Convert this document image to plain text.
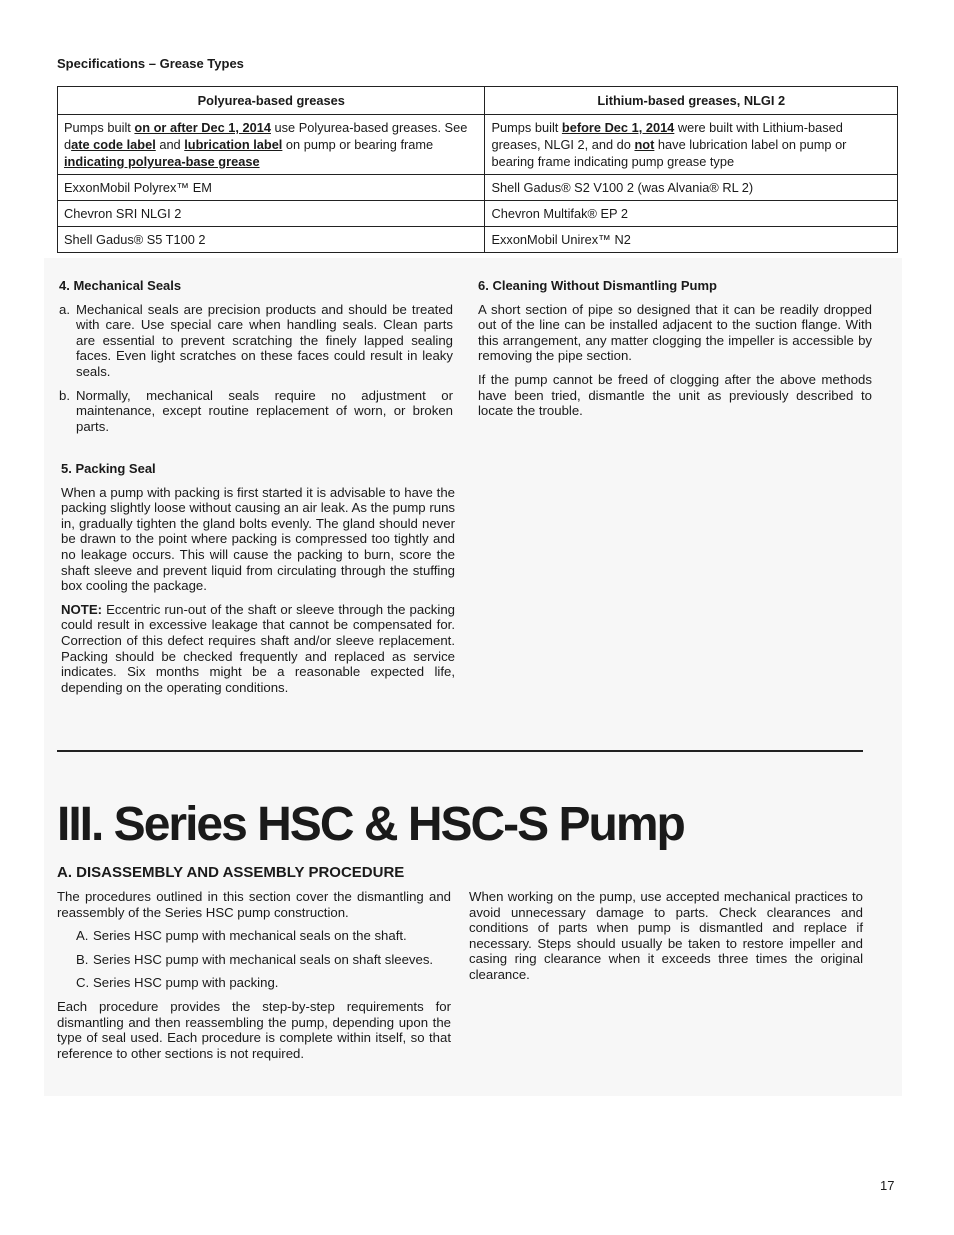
Specifications – Grease Types
Polyurea-based greases	Lithium-based greases, NLGI 2
Pumps built on or after Dec 1, 2014 use Polyurea-based greases. See date code label and lubrication label on pump or bearing frame indicating polyurea-base grease	Pumps built before Dec 1, 2014 were built with Lithium-based greases, NLGI 2, and do not have lubrication label on pump or bearing frame indicating pump grease type
ExxonMobil Polyrex™ EM	Shell Gadus® S2 V100 2 (was Alvania® RL 2)
Chevron SRI NLGI 2	Chevron Multifak® EP 2
Shell Gadus® S5 T100 2	ExxonMobil Unirex™ N2
4. Mechanical Seals
a. Mechanical seals are precision products and should be treated with care. Use special care when handling seals. Clean parts are essential to prevent scratching the finely lapped sealing faces. Even light scratches on these faces could result in leaky seals.
b. Normally, mechanical seals require no adjustment or maintenance, except routine replacement of worn, or broken parts.
5. Packing Seal

When a pump with packing is first started it is advisable to have the packing slightly loose without causing an air leak. As the pump runs in, gradually tighten the gland bolts evenly. The gland should never be drawn to the point where packing is compressed too tightly and no leakage occurs. This will cause the packing to burn, score the shaft sleeve and prevent liquid from circulating through the stuffing box cooling the package.

NOTE: Eccentric run-out of the shaft or sleeve through the packing could result in excessive leakage that cannot be compensated for. Correction of this defect requires shaft and/or sleeve replacement. Packing should be checked frequently and replaced as service indicates. Six months might be a reasonable expected life, depending on the operating conditions.

6. Cleaning Without Dismantling Pump

A short section of pipe so designed that it can be readily dropped out of the line can be installed adjacent to the suction flange. With this arrangement, any matter clogging the impeller is accessible by removing the pipe section.

If the pump cannot be freed of clogging after the above methods have been tried, dismantle the unit as previously described to locate the trouble.

III. Series HSC & HSC-S Pump
A. DISASSEMBLY AND ASSEMBLY PROCEDURE

The procedures outlined in this section cover the dismantling and reassembly of the Series HSC pump construction.

A. Series HSC pump with mechanical seals on the shaft.
B. Series HSC pump with mechanical seals on shaft sleeves.
C. Series HSC pump with packing.

Each procedure provides the step-by-step requirements for dismantling and then reassembling the pump, depending upon the type of seal used. Each procedure is complete within itself, so that reference to other sections is not required.

When working on the pump, use accepted mechanical practices to avoid unnecessary damage to parts. Check clearances and conditions of parts when pump is dismantled and replace if necessary. Steps should usually be taken to restore impeller and casing ring clearance when it exceeds three times the original clearance.

17
